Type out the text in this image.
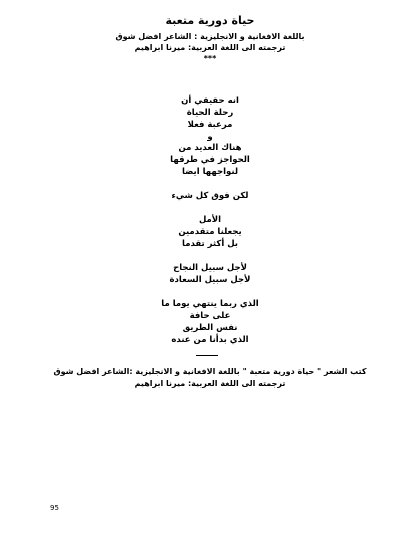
حياة دورية متعبة
باللغة الافغانية و الانجليزية : الشاعر افضل شوق
ترجمته الى اللغة العربية: ميرنا ابراهيم
***
انه حقيقي أن
رحلة الحياة
مرعبة فعلا
و
هناك العديد من
الحواجز في طرقها
لنواجهها ايضا
لكن فوق كل شيء
الأمل
يجعلنا متقدمين
بل أكثر تقدما
لأجل سبيل النجاح
لأجل سبيل السعادة
الذي ربما ينتهي يوما ما
على حافة
نفس الطريق
الذي بدأنا من عنده
كتب الشعر " حياة دورية متعبة " باللغة الافغانية و الانجليزية :الشاعر افضل شوق
ترجمته الى اللغة العربية: ميرنا ابراهيم
95
